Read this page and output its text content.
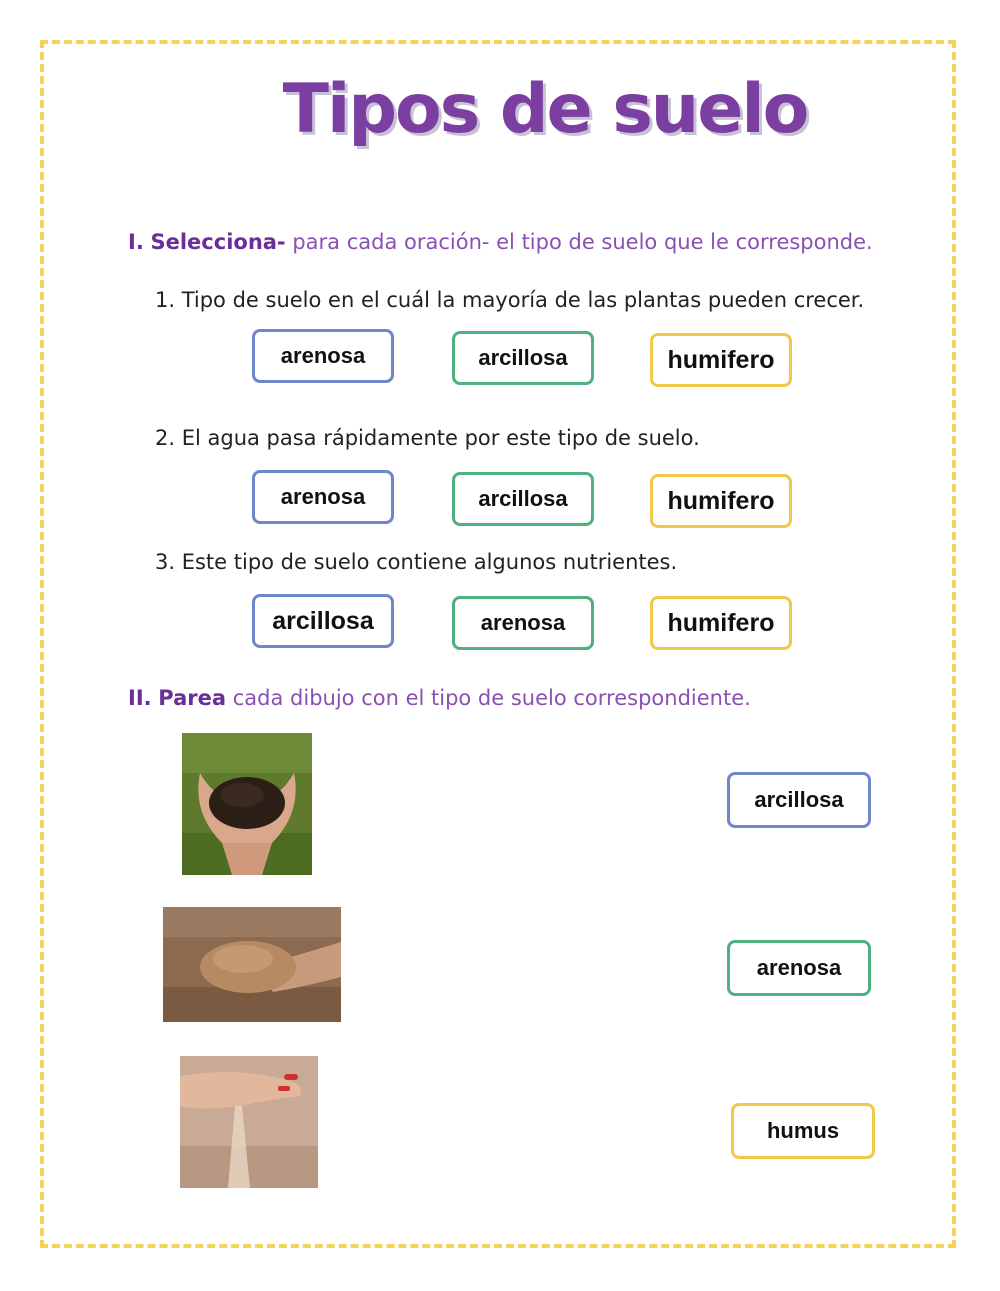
Tipos de suelo
I. Selecciona- para cada oración- el tipo de suelo que le corresponde.
1. Tipo de suelo en el cuál la mayoría de las plantas pueden crecer.
arenosa	arcillosa	humifero
2. El agua pasa rápidamente por este tipo de suelo.
arenosa	arcillosa	humifero
3. Este tipo de suelo contiene algunos nutrientes.
arcillosa	arenosa	humifero
II. Parea cada dibujo con el tipo de suelo correspondiente.
arcillosa
arenosa
humus
